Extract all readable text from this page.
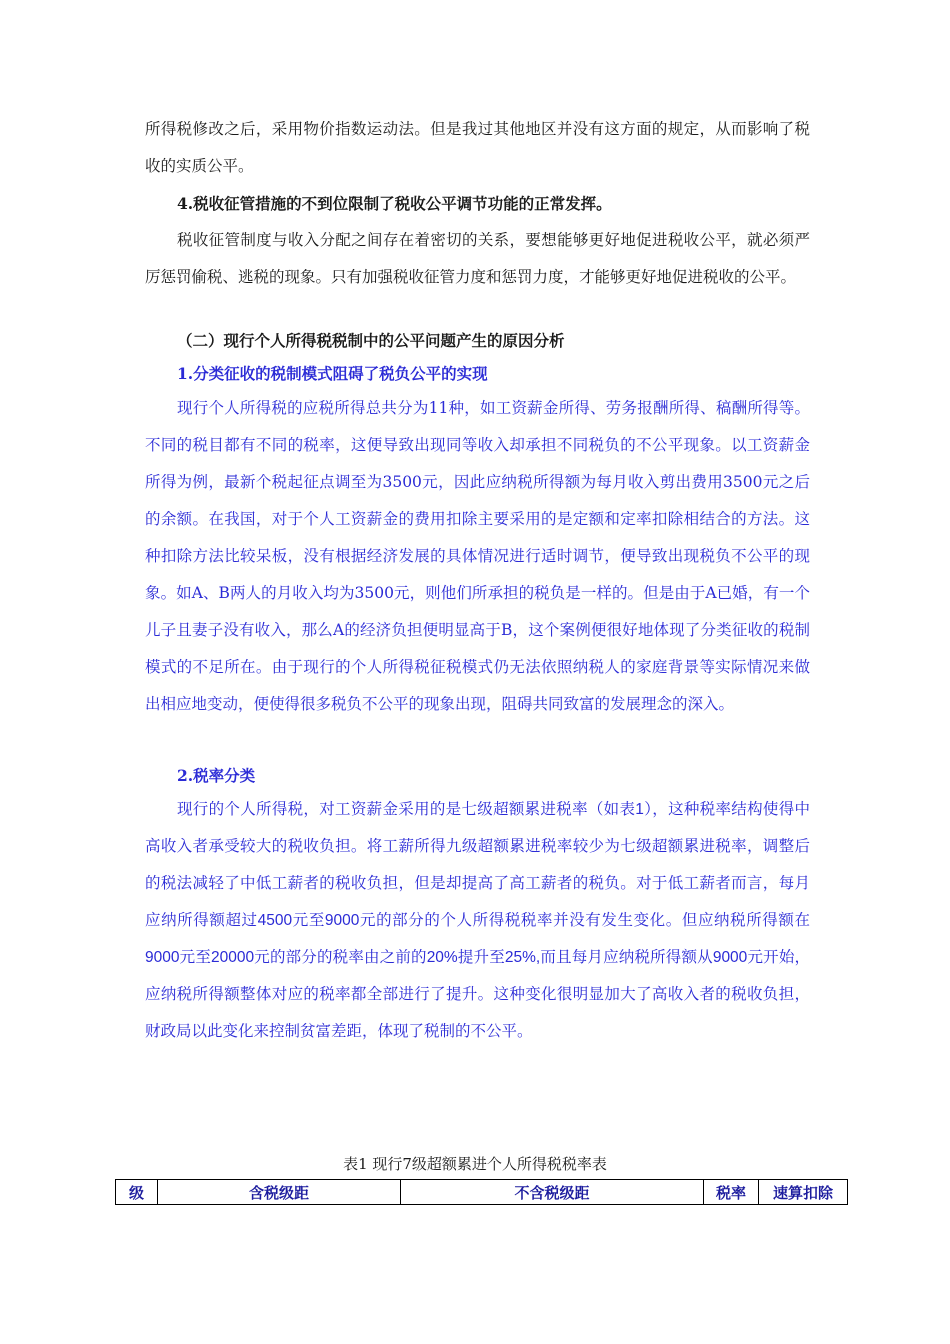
所得税修改之后，采用物价指数运动法。但是我过其他地区并没有这方面的规定，从而影响了税收的实质公平。

4.税收征管措施的不到位限制了税收公平调节功能的正常发挥。

税收征管制度与收入分配之间存在着密切的关系，要想能够更好地促进税收公平，就必须严厉惩罚偷税、逃税的现象。只有加强税收征管力度和惩罚力度，才能够更好地促进税收的公平。

（二）现行个人所得税税制中的公平问题产生的原因分析

1.分类征收的税制模式阻碍了税负公平的实现

现行个人所得税的应税所得总共分为11种，如工资薪金所得、劳务报酬所得、稿酬所得等。不同的税目都有不同的税率，这便导致出现同等收入却承担不同税负的不公平现象。以工资薪金所得为例，最新个税起征点调至为3500元，因此应纳税所得额为每月收入剪出费用3500元之后的余额。在我国，对于个人工资薪金的费用扣除主要采用的是定额和定率扣除相结合的方法。这种扣除方法比较呆板，没有根据经济发展的具体情况进行适时调节，便导致出现税负不公平的现象。如A、B两人的月收入均为3500元，则他们所承担的税负是一样的。但是由于A已婚，有一个儿子且妻子没有收入，那么A的经济负担便明显高于B，这个案例便很好地体现了分类征收的税制模式的不足所在。由于现行的个人所得税征税模式仍无法依照纳税人的家庭背景等实际情况来做出相应地变动，便使得很多税负不公平的现象出现，阻碍共同致富的发展理念的深入。

2.税率分类

现行的个人所得税，对工资薪金采用的是七级超额累进税率（如表1），这种税率结构使得中高收入者承受较大的税收负担。将工薪所得九级超额累进税率较少为七级超额累进税率，调整后的税法减轻了中低工薪者的税收负担，但是却提高了高工薪者的税负。对于低工薪者而言，每月应纳所得额超过4500元至9000元的部分的个人所得税税率并没有发生变化。但应纳税所得额在9000元至20000元的部分的税率由之前的20%提升至25%,而且每月应纳税所得额从9000元开始，应纳税所得额整体对应的税率都全部进行了提升。这种变化很明显加大了高收入者的税收负担，财政局以此变化来控制贫富差距，体现了税制的不公平。

表1 现行7级超额累进个人所得税税率表

级	含税级距	不含税级距	税率	速算扣除
